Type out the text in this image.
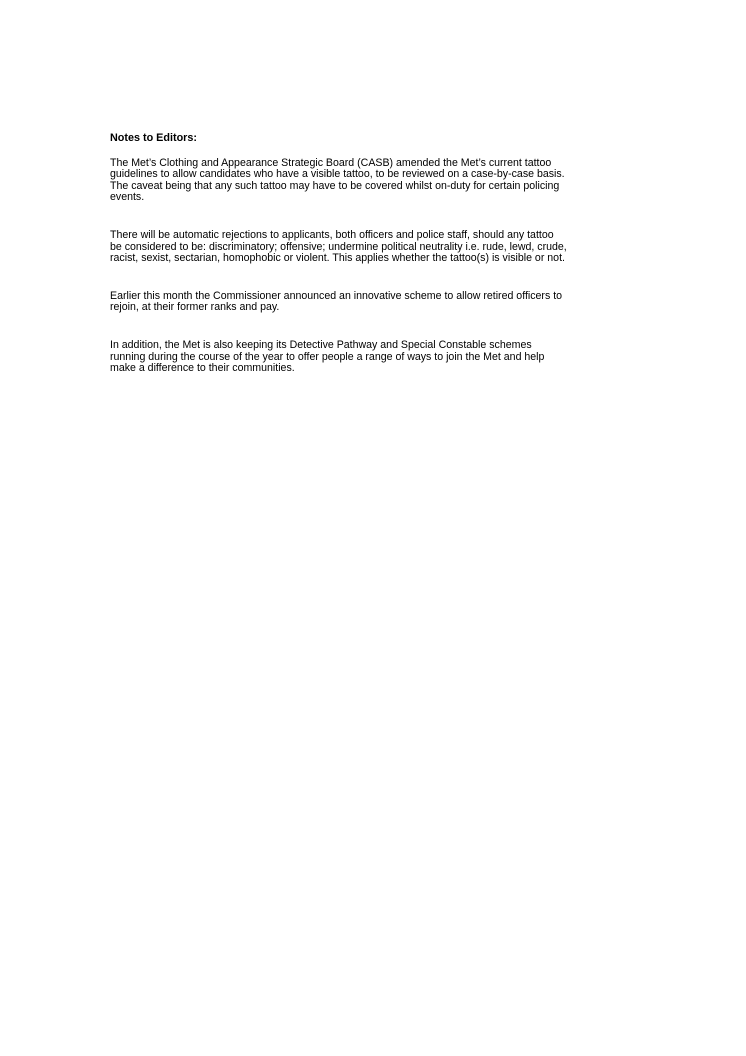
Notes to Editors:

The Met’s Clothing and Appearance Strategic Board (CASB) amended the Met’s current tattoo
guidelines to allow candidates who have a visible tattoo, to be reviewed on a case-by-case basis.
The caveat being that any such tattoo may have to be covered whilst on-duty for certain policing
events.

There will be automatic rejections to applicants, both officers and police staff, should any tattoo
be considered to be: discriminatory; offensive; undermine political neutrality i.e. rude, lewd, crude,
racist, sexist, sectarian, homophobic or violent. This applies whether the tattoo(s) is visible or not.

Earlier this month the Commissioner announced an innovative scheme to allow retired officers to
rejoin, at their former ranks and pay.

In addition, the Met is also keeping its Detective Pathway and Special Constable schemes
running during the course of the year to offer people a range of ways to join the Met and help
make a difference to their communities.
